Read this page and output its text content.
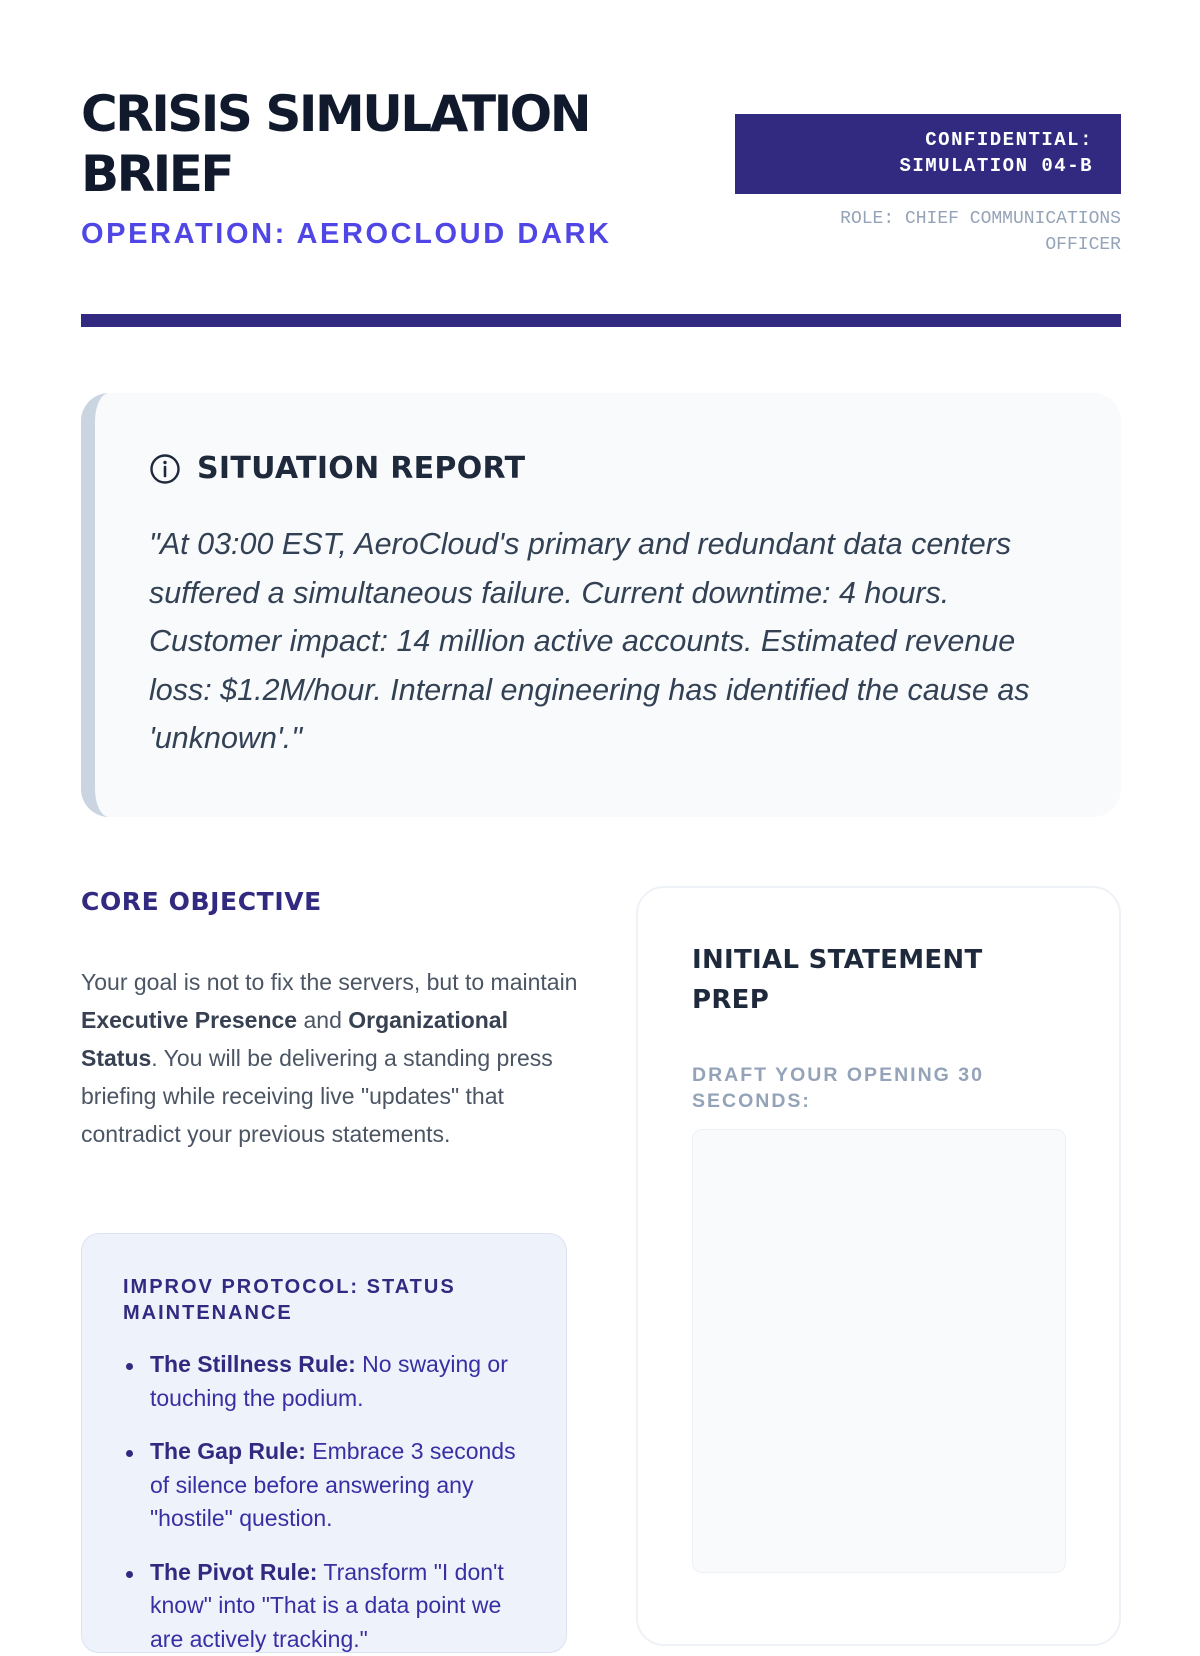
CRISIS SIMULATION BRIEF
OPERATION: AEROCLOUD DARK
CONFIDENTIAL:
SIMULATION 04-B
ROLE: CHIEF COMMUNICATIONS OFFICER
SITUATION REPORT

"At 03:00 EST, AeroCloud's primary and redundant data centers suffered a simultaneous failure. Current downtime: 4 hours. Customer impact: 14 million active accounts. Estimated revenue loss: $1.2M/hour. Internal engineering has identified the cause as 'unknown'."

CORE OBJECTIVE

Your goal is not to fix the servers, but to maintain Executive Presence and Organizational Status. You will be delivering a standing press briefing while receiving live "updates" that contradict your previous statements.

IMPROV PROTOCOL: STATUS MAINTENANCE
The Stillness Rule: No swaying or touching the podium.
The Gap Rule: Embrace 3 seconds of silence before answering any "hostile" question.
The Pivot Rule: Transform "I don't know" into "That is a data point we are actively tracking."
INITIAL STATEMENT PREP
DRAFT YOUR OPENING 30 SECONDS:
